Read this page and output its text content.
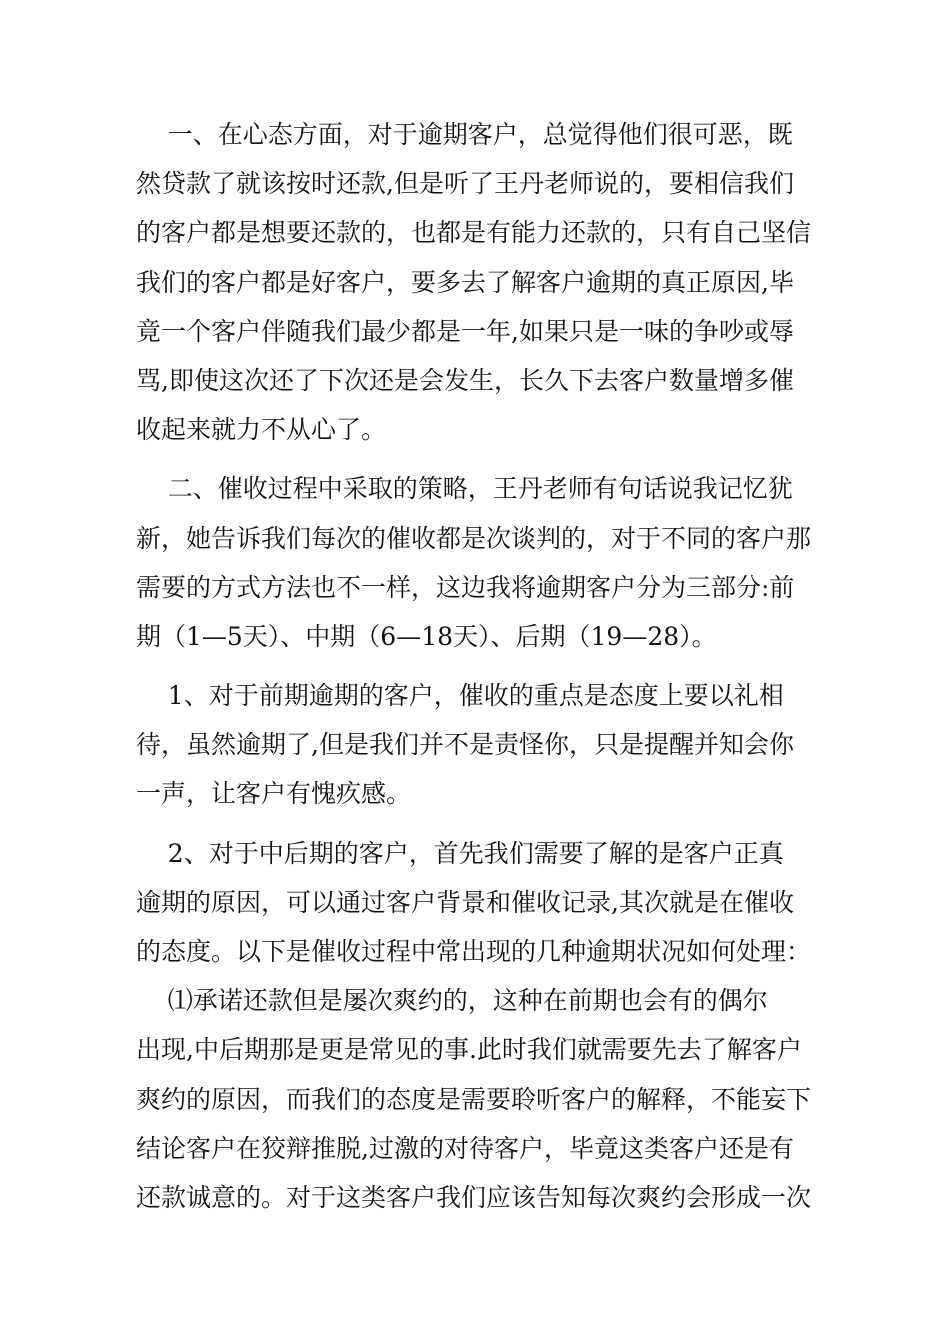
一、在心态方面，对于逾期客户，总觉得他们很可恶，既
然贷款了就该按时还款,但是听了王丹老师说的，要相信我们
的客户都是想要还款的，也都是有能力还款的，只有自己坚信
我们的客户都是好客户，要多去了解客户逾期的真正原因,毕
竟一个客户伴随我们最少都是一年,如果只是一味的争吵或辱
骂,即使这次还了下次还是会发生，长久下去客户数量增多催
收起来就力不从心了。
二、催收过程中采取的策略，王丹老师有句话说我记忆犹
新，她告诉我们每次的催收都是次谈判的，对于不同的客户那
需要的方式方法也不一样，这边我将逾期客户分为三部分:前
期（1—5天）、中期（6—18天）、后期（19—28）。
1、对于前期逾期的客户，催收的重点是态度上要以礼相
待，虽然逾期了,但是我们并不是责怪你，只是提醒并知会你
一声，让客户有愧疚感。
2、对于中后期的客户，首先我们需要了解的是客户正真
逾期的原因，可以通过客户背景和催收记录,其次就是在催收
的态度。以下是催收过程中常出现的几种逾期状况如何处理：
⑴承诺还款但是屡次爽约的，这种在前期也会有的偶尔
出现,中后期那是更是常见的事.此时我们就需要先去了解客户
爽约的原因，而我们的态度是需要聆听客户的解释，不能妄下
结论客户在狡辩推脱,过激的对待客户，毕竟这类客户还是有
还款诚意的。对于这类客户我们应该告知每次爽约会形成一次
